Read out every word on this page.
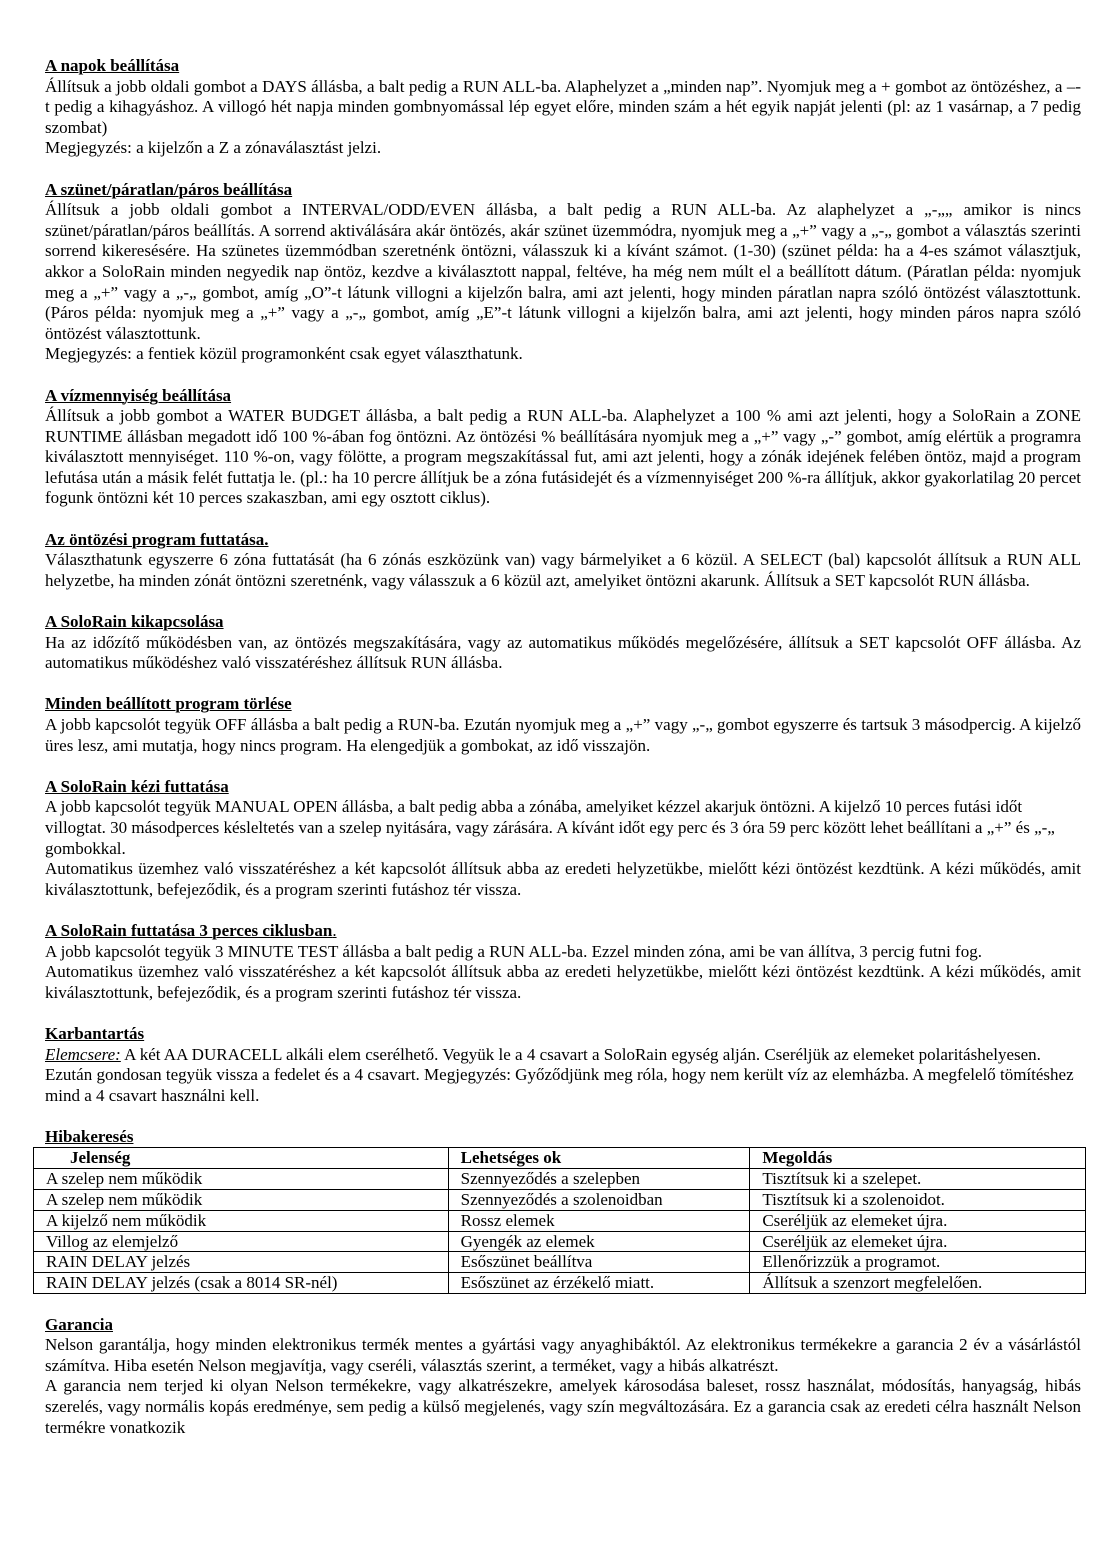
A napok beállítása

Állítsuk a jobb oldali gombot a DAYS állásba, a balt pedig a RUN ALL-ba. Alaphelyzet a „minden nap”. Nyomjuk meg a + gombot az öntözéshez, a –-t pedig a kihagyáshoz. A villogó hét napja minden gombnyomással lép egyet előre, minden szám a hét egyik napját jelenti (pl: az 1 vasárnap, a 7 pedig szombat)

Megjegyzés: a kijelzőn a Z a zónaválasztást jelzi.

A szünet/páratlan/páros beállítása

Állítsuk a jobb oldali gombot a INTERVAL/ODD/EVEN állásba, a balt pedig a RUN ALL-ba. Az alaphelyzet a „-„„ amikor is nincs szünet/páratlan/páros beállítás. A sorrend aktiválására akár öntözés, akár szünet üzemmódra, nyomjuk meg a „+” vagy a „-„ gombot a választás szerinti sorrend kikeresésére. Ha szünetes üzemmódban szeretnénk öntözni, válasszuk ki a kívánt számot. (1-30) (szünet példa: ha a 4-es számot választjuk, akkor a SoloRain minden negyedik nap öntöz, kezdve a kiválasztott nappal, feltéve, ha még nem múlt el a beállított dátum. (Páratlan példa: nyomjuk meg a „+” vagy a „-„ gombot, amíg „O”-t látunk villogni a kijelzőn balra, ami azt jelenti, hogy minden páratlan napra szóló öntözést választottunk. (Páros példa: nyomjuk meg a „+” vagy a „-„ gombot, amíg „E”-t látunk villogni a kijelzőn balra, ami azt jelenti, hogy minden páros napra szóló öntözést választottunk.

Megjegyzés: a fentiek közül programonként csak egyet választhatunk.

A vízmennyiség beállítása

Állítsuk a jobb gombot a WATER BUDGET állásba, a balt pedig a RUN ALL-ba. Alaphelyzet a 100 % ami azt jelenti, hogy a SoloRain a ZONE RUNTIME állásban megadott idő 100 %-ában fog öntözni. Az öntözési % beállítására nyomjuk meg a „+” vagy „-” gombot, amíg elértük a programra kiválasztott mennyiséget. 110 %-on, vagy fölötte, a program megszakítással fut, ami azt jelenti, hogy a zónák idejének felében öntöz, majd a program lefutása után a másik felét futtatja le. (pl.: ha 10 percre állítjuk be a zóna futásidejét és a vízmennyiséget 200 %-ra állítjuk, akkor gyakorlatilag 20 percet fogunk öntözni két 10 perces szakaszban, ami egy osztott ciklus).

Az öntözési program futtatása.

Választhatunk egyszerre 6 zóna futtatását (ha 6 zónás eszközünk van) vagy bármelyiket a 6 közül. A SELECT (bal) kapcsolót állítsuk a RUN ALL helyzetbe, ha minden zónát öntözni szeretnénk, vagy válasszuk a 6 közül azt, amelyiket öntözni akarunk. Állítsuk a SET kapcsolót RUN állásba.

A SoloRain kikapcsolása

Ha az időzítő működésben van, az öntözés megszakítására, vagy az automatikus működés megelőzésére, állítsuk a SET kapcsolót OFF állásba. Az automatikus működéshez való visszatéréshez állítsuk RUN állásba.

Minden beállított program törlése

A jobb kapcsolót tegyük OFF állásba a balt pedig a RUN-ba. Ezután nyomjuk meg a „+” vagy „-„ gombot egyszerre és tartsuk 3 másodpercig. A kijelző üres lesz, ami mutatja, hogy nincs program. Ha elengedjük a gombokat, az idő visszajön.

A SoloRain kézi futtatása

A jobb kapcsolót tegyük MANUAL OPEN állásba, a balt pedig abba a zónába, amelyiket kézzel akarjuk öntözni. A kijelző 10 perces futási időt villogtat. 30 másodperces késleltetés van a szelep nyitására, vagy zárására. A kívánt időt egy perc és 3 óra 59 perc között lehet beállítani a „+” és „-„ gombokkal.

Automatikus üzemhez való visszatéréshez a két kapcsolót állítsuk abba az eredeti helyzetükbe, mielőtt kézi öntözést kezdtünk. A kézi működés, amit kiválasztottunk, befejeződik, és a program szerinti futáshoz tér vissza.

A SoloRain futtatása 3 perces ciklusban.

A jobb kapcsolót tegyük 3 MINUTE TEST állásba a balt pedig a RUN ALL-ba. Ezzel minden zóna, ami be van állítva, 3 percig futni fog.

Automatikus üzemhez való visszatéréshez a két kapcsolót állítsuk abba az eredeti helyzetükbe, mielőtt kézi öntözést kezdtünk. A kézi működés, amit kiválasztottunk, befejeződik, és a program szerinti futáshoz tér vissza.

Karbantartás

Elemcsere: A két AA DURACELL alkáli elem cserélhető. Vegyük le a 4 csavart a SoloRain egység alján. Cseréljük az elemeket polaritáshelyesen. Ezután gondosan tegyük vissza a fedelet és a 4 csavart. Megjegyzés: Győződjünk meg róla, hogy nem került víz az elemházba. A megfelelő tömítéshez mind a 4 csavart használni kell.

Hibakeresés
Jelenség	Lehetséges ok	Megoldás
A szelep nem működik	Szennyeződés a szelepben	Tisztítsuk ki a szelepet.
A szelep nem működik	Szennyeződés a szolenoidban	Tisztítsuk ki a szolenoidot.
A kijelző nem működik	Rossz elemek	Cseréljük az elemeket újra.
Villog az elemjelző	Gyengék az elemek	Cseréljük az elemeket újra.
RAIN DELAY jelzés	Esőszünet beállítva	Ellenőrizzük a programot.
RAIN DELAY jelzés (csak a 8014 SR-nél)	Esőszünet az érzékelő miatt.	Állítsuk a szenzort megfelelően.
Garancia

Nelson garantálja, hogy minden elektronikus termék mentes a gyártási vagy anyaghibáktól. Az elektronikus termékekre a garancia 2 év a vásárlástól számítva. Hiba esetén Nelson megjavítja, vagy cseréli, választás szerint, a terméket, vagy a hibás alkatrészt.

A garancia nem terjed ki olyan Nelson termékekre, vagy alkatrészekre, amelyek károsodása baleset, rossz használat, módosítás, hanyagság, hibás szerelés, vagy normális kopás eredménye, sem pedig a külső megjelenés, vagy szín megváltozására. Ez a garancia csak az eredeti célra használt Nelson termékre vonatkozik
